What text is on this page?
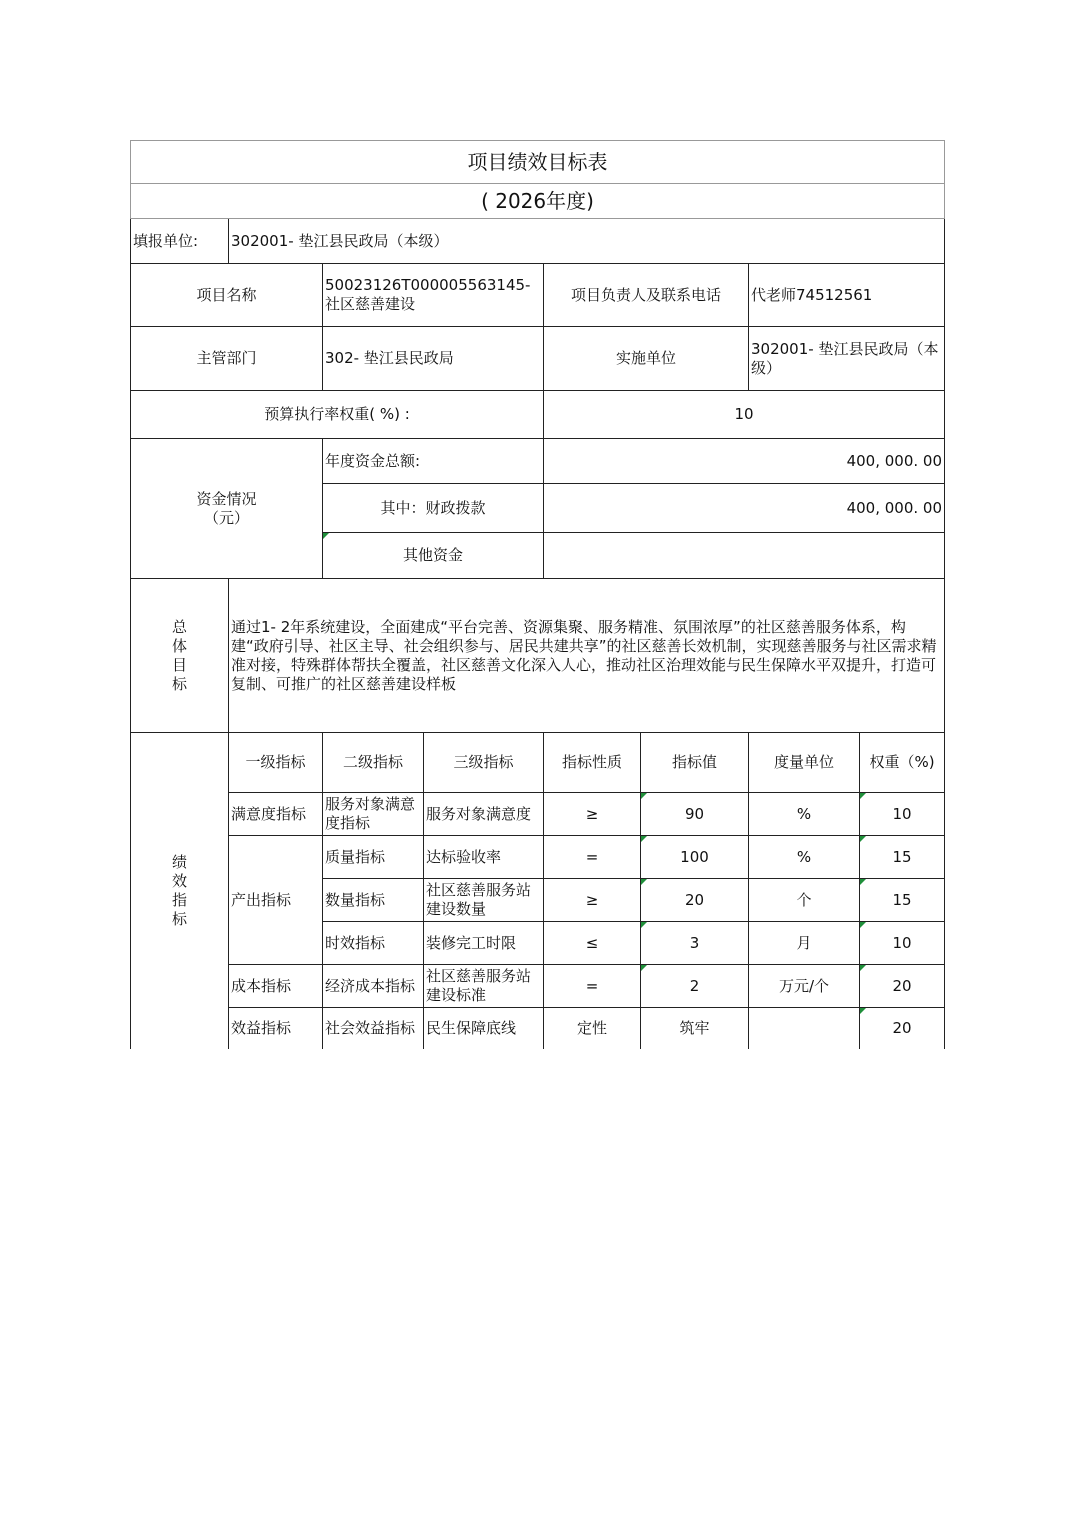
项目绩效目标表							
( 2026年度)							
填报单位:	302001- 垫江县民政局（本级）						
项目名称		50023126T000005563145- 社区慈善建设		项目负责人及联系电话		代老师74512561	
主管部门		302- 垫江县民政局		实施单位		302001- 垫江县民政局（本级）	
预算执行率权重( %) :				10			
资金情况
（元）		年度资金总额:		400, 000. 00			
		其中：财政拨款		400, 000. 00			
		其他资金					
总
体
目
标	通过1- 2年系统建设，全面建成“平台完善、资源集聚、服务精准、氛围浓厚”的社区慈善服务体系，构建“政府引导、社区主导、社会组织参与、居民共建共享”的社区慈善长效机制，实现慈善服务与社区需求精准对接，特殊群体帮扶全覆盖，社区慈善文化深入人心，推动社区治理效能与民生保障水平双提升，打造可复制、可推广的社区慈善建设样板						
绩
效
指
标	一级指标	二级指标	三级指标	指标性质	指标值	度量单位	权重（%)
	满意度指标	服务对象满意度指标	服务对象满意度	≥	90	%	10
	产出指标	质量指标	达标验收率	=	100	%	15
		数量指标	社区慈善服务站建设数量	≥	20	个	15
		时效指标	装修完工时限	≤	3	月	10
	成本指标	经济成本指标	社区慈善服务站建设标准	=	2	万元/个	20
	效益指标	社会效益指标	民生保障底线	定性	筑牢		20
